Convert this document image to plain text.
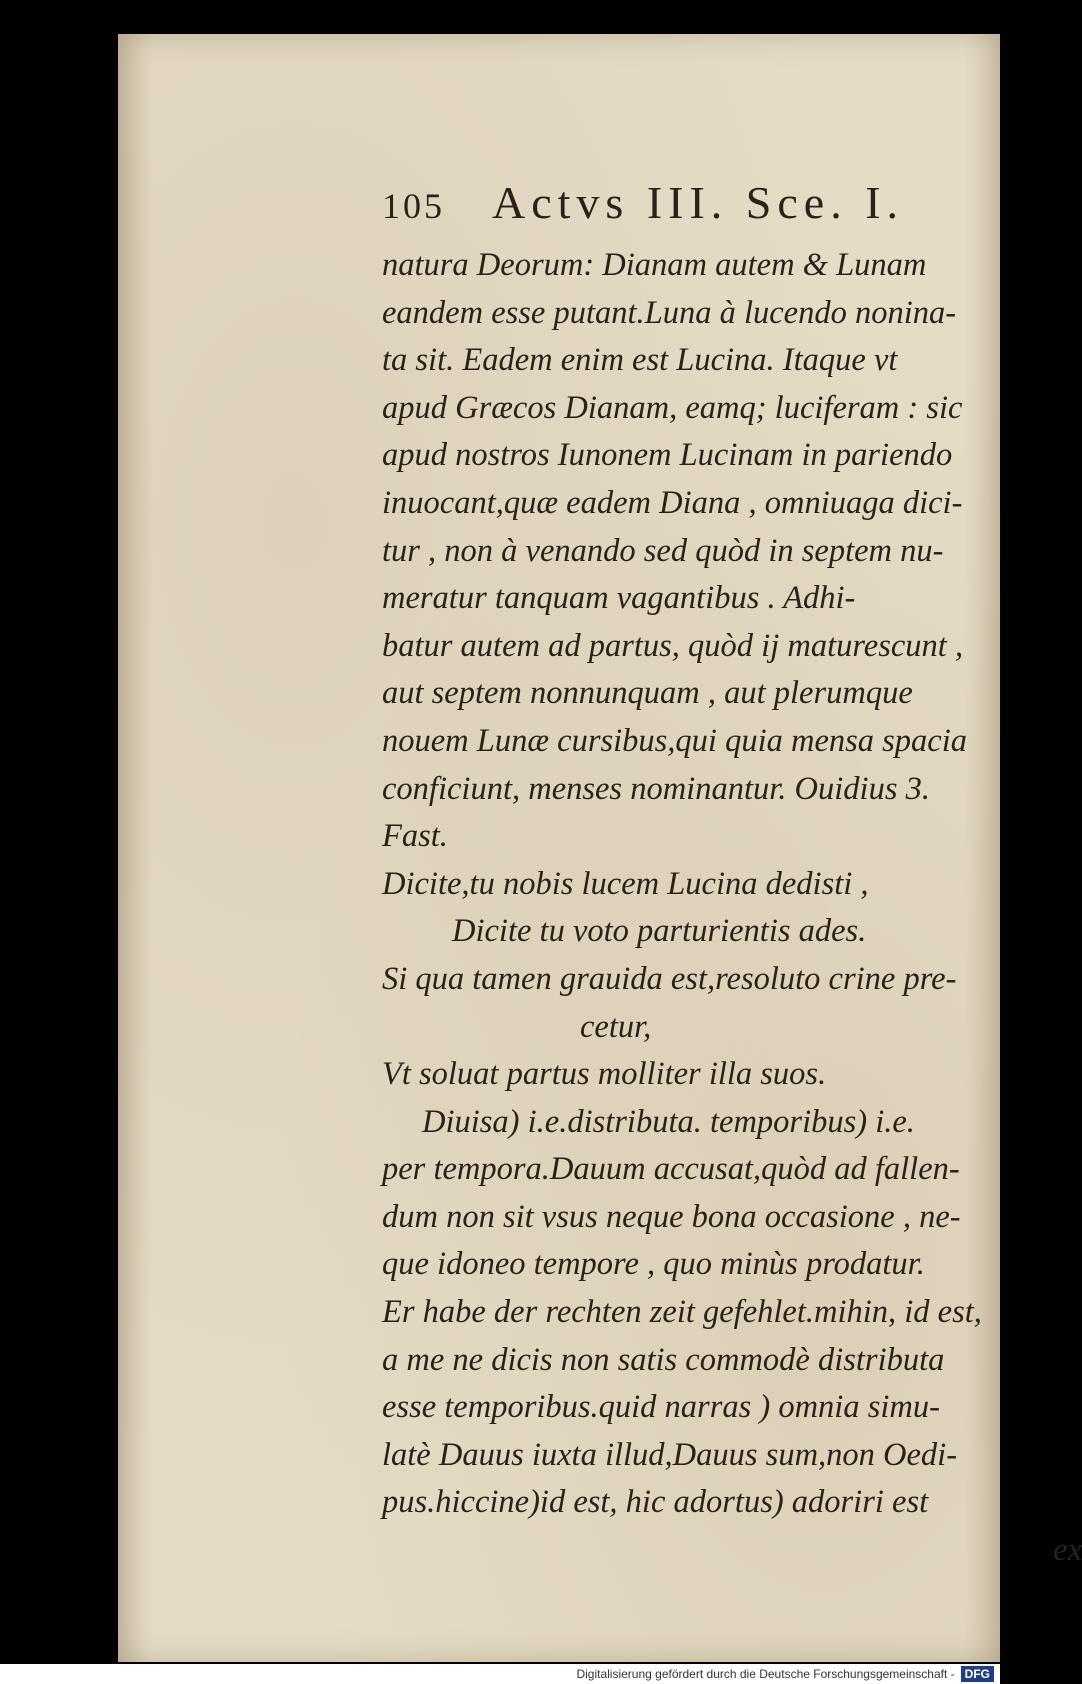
105	Actvs III. Sce. I.
natura Deorum: Dianam autem & Lunam
eandem esse putant.Luna à lucendo nonina-
ta sit. Eadem enim est Lucina. Itaque vt
apud Græcos Dianam, eamq; luciferam : sic
apud nostros Iunonem Lucinam in pariendo
inuocant,quæ eadem Diana , omniuaga dici-
tur , non à venando sed quòd in septem nu-
meratur tanquam vagantibus . Adhi-
batur autem ad partus, quòd ij maturescunt ,
aut septem nonnunquam , aut plerumque
nouem Lunæ cursibus,qui quia mensa spacia
conficiunt, menses nominantur. Ouidius 3.
Fast.
Dicite,tu nobis lucem Lucina dedisti ,
Dicite tu voto parturientis ades.
Si qua tamen grauida est,resoluto crine pre-
cetur,
Vt soluat partus molliter illa suos.
Diuisa) i.e.distributa. temporibus) i.e.
per tempora.Dauum accusat,quòd ad fallen-
dum non sit vsus neque bona occasione , ne-
que idoneo tempore , quo minùs prodatur.
Er habe der rechten zeit gefehlet.mihin, id est,
a me ne dicis non satis commodè distributa
esse temporibus.quid narras ) omnia simu-
latè Dauus iuxta illud,Dauus sum,non Oedi-
pus.hiccine)id est, hic adortus) adoriri est
ex
Digitalisierung gefördert durch die Deutsche Forschungsgemeinschaft - DFG
